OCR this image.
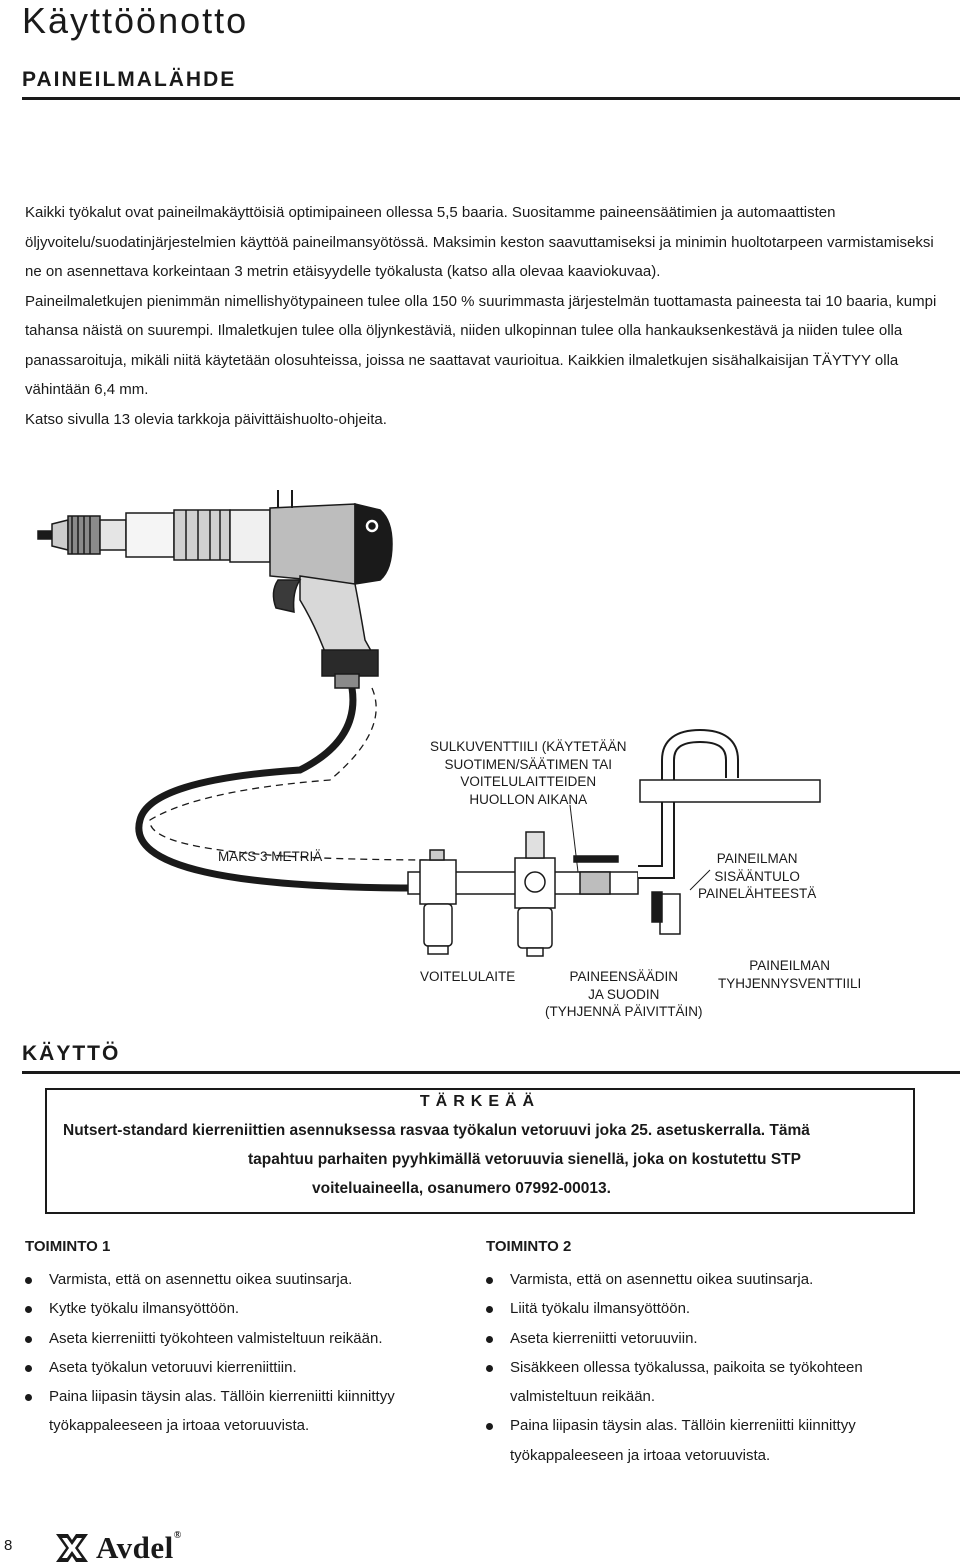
Käyttöönotto
PAINEILMALÄHDE

Kaikki työkalut ovat paineilmakäyttöisiä optimipaineen ollessa 5,5 baaria. Suositamme paineensäätimien ja automaattisten öljyvoitelu/suodatinjärjestelmien käyttöä paineilmansyötössä. Maksimin keston saavuttamiseksi ja minimin huoltotarpeen varmistamiseksi ne on asennettava korkeintaan 3 metrin etäisyydelle työkalusta (katso alla olevaa kaaviokuvaa).

Paineilmaletkujen pienimmän nimellishyötypaineen tulee olla 150 % suurimmasta järjestelmän tuottamasta paineesta tai 10 baaria, kumpi tahansa näistä on suurempi. Ilmaletkujen tulee olla öljynkestäviä, niiden ulkopinnan tulee olla hankauksenkestävä ja niiden tulee olla panassaroituja, mikäli niitä käytetään olosuhteissa, joissa ne saattavat vaurioitua. Kaikkien ilmaletkujen sisähalkaisijan TÄYTYY olla vähintään 6,4 mm.

Katso sivulla 13 olevia tarkkoja päivittäishuolto-ohjeita.

SULKUVENTTIILI (KÄYTETÄÄN
SUOTIMEN/SÄÄTIMEN TAI
VOITELULAITTEIDEN
HUOLLON AIKANA
MAKS 3 METRIÄ	PAINEILMAN
SISÄÄNTULO
PAINELÄHTEESTÄ
VOITELULAITE	PAINEENSÄÄDIN
JA SUODIN
(TYHJENNÄ PÄIVITTÄIN)
PAINEILMAN
TYHJENNYSVENTTIILI
KÄYTTÖ
TÄRKEÄÄ
Nutsert-standard kierreniittien asennuksessa rasvaa työkalun vetoruuvi joka 25. asetuskerralla. Tämä
tapahtuu parhaiten pyyhkimällä vetoruuvia sienellä, joka on kostutettu STP
voiteluaineella, osanumero 07992-00013.
TOIMINTO 1
Varmista, että on asennettu oikea suutinsarja.
Kytke työkalu ilmansyöttöön.
Aseta kierreniitti työkohteen valmisteltuun reikään.
Aseta työkalun vetoruuvi kierreniittiin.
Paina liipasin täysin alas. Tällöin kierreniitti kiinnittyy työkappaleeseen ja irtoaa vetoruuvista.
TOIMINTO 2
Varmista, että on asennettu oikea suutinsarja.
Liitä työkalu ilmansyöttöön.
Aseta kierreniitti vetoruuviin.
Sisäkkeen ollessa työkalussa, paikoita se työkohteen valmisteltuun reikään.
Paina liipasin täysin alas. Tällöin kierreniitti kiinnittyy työkappaleeseen ja irtoaa vetoruuvista.
8	Avdel®
